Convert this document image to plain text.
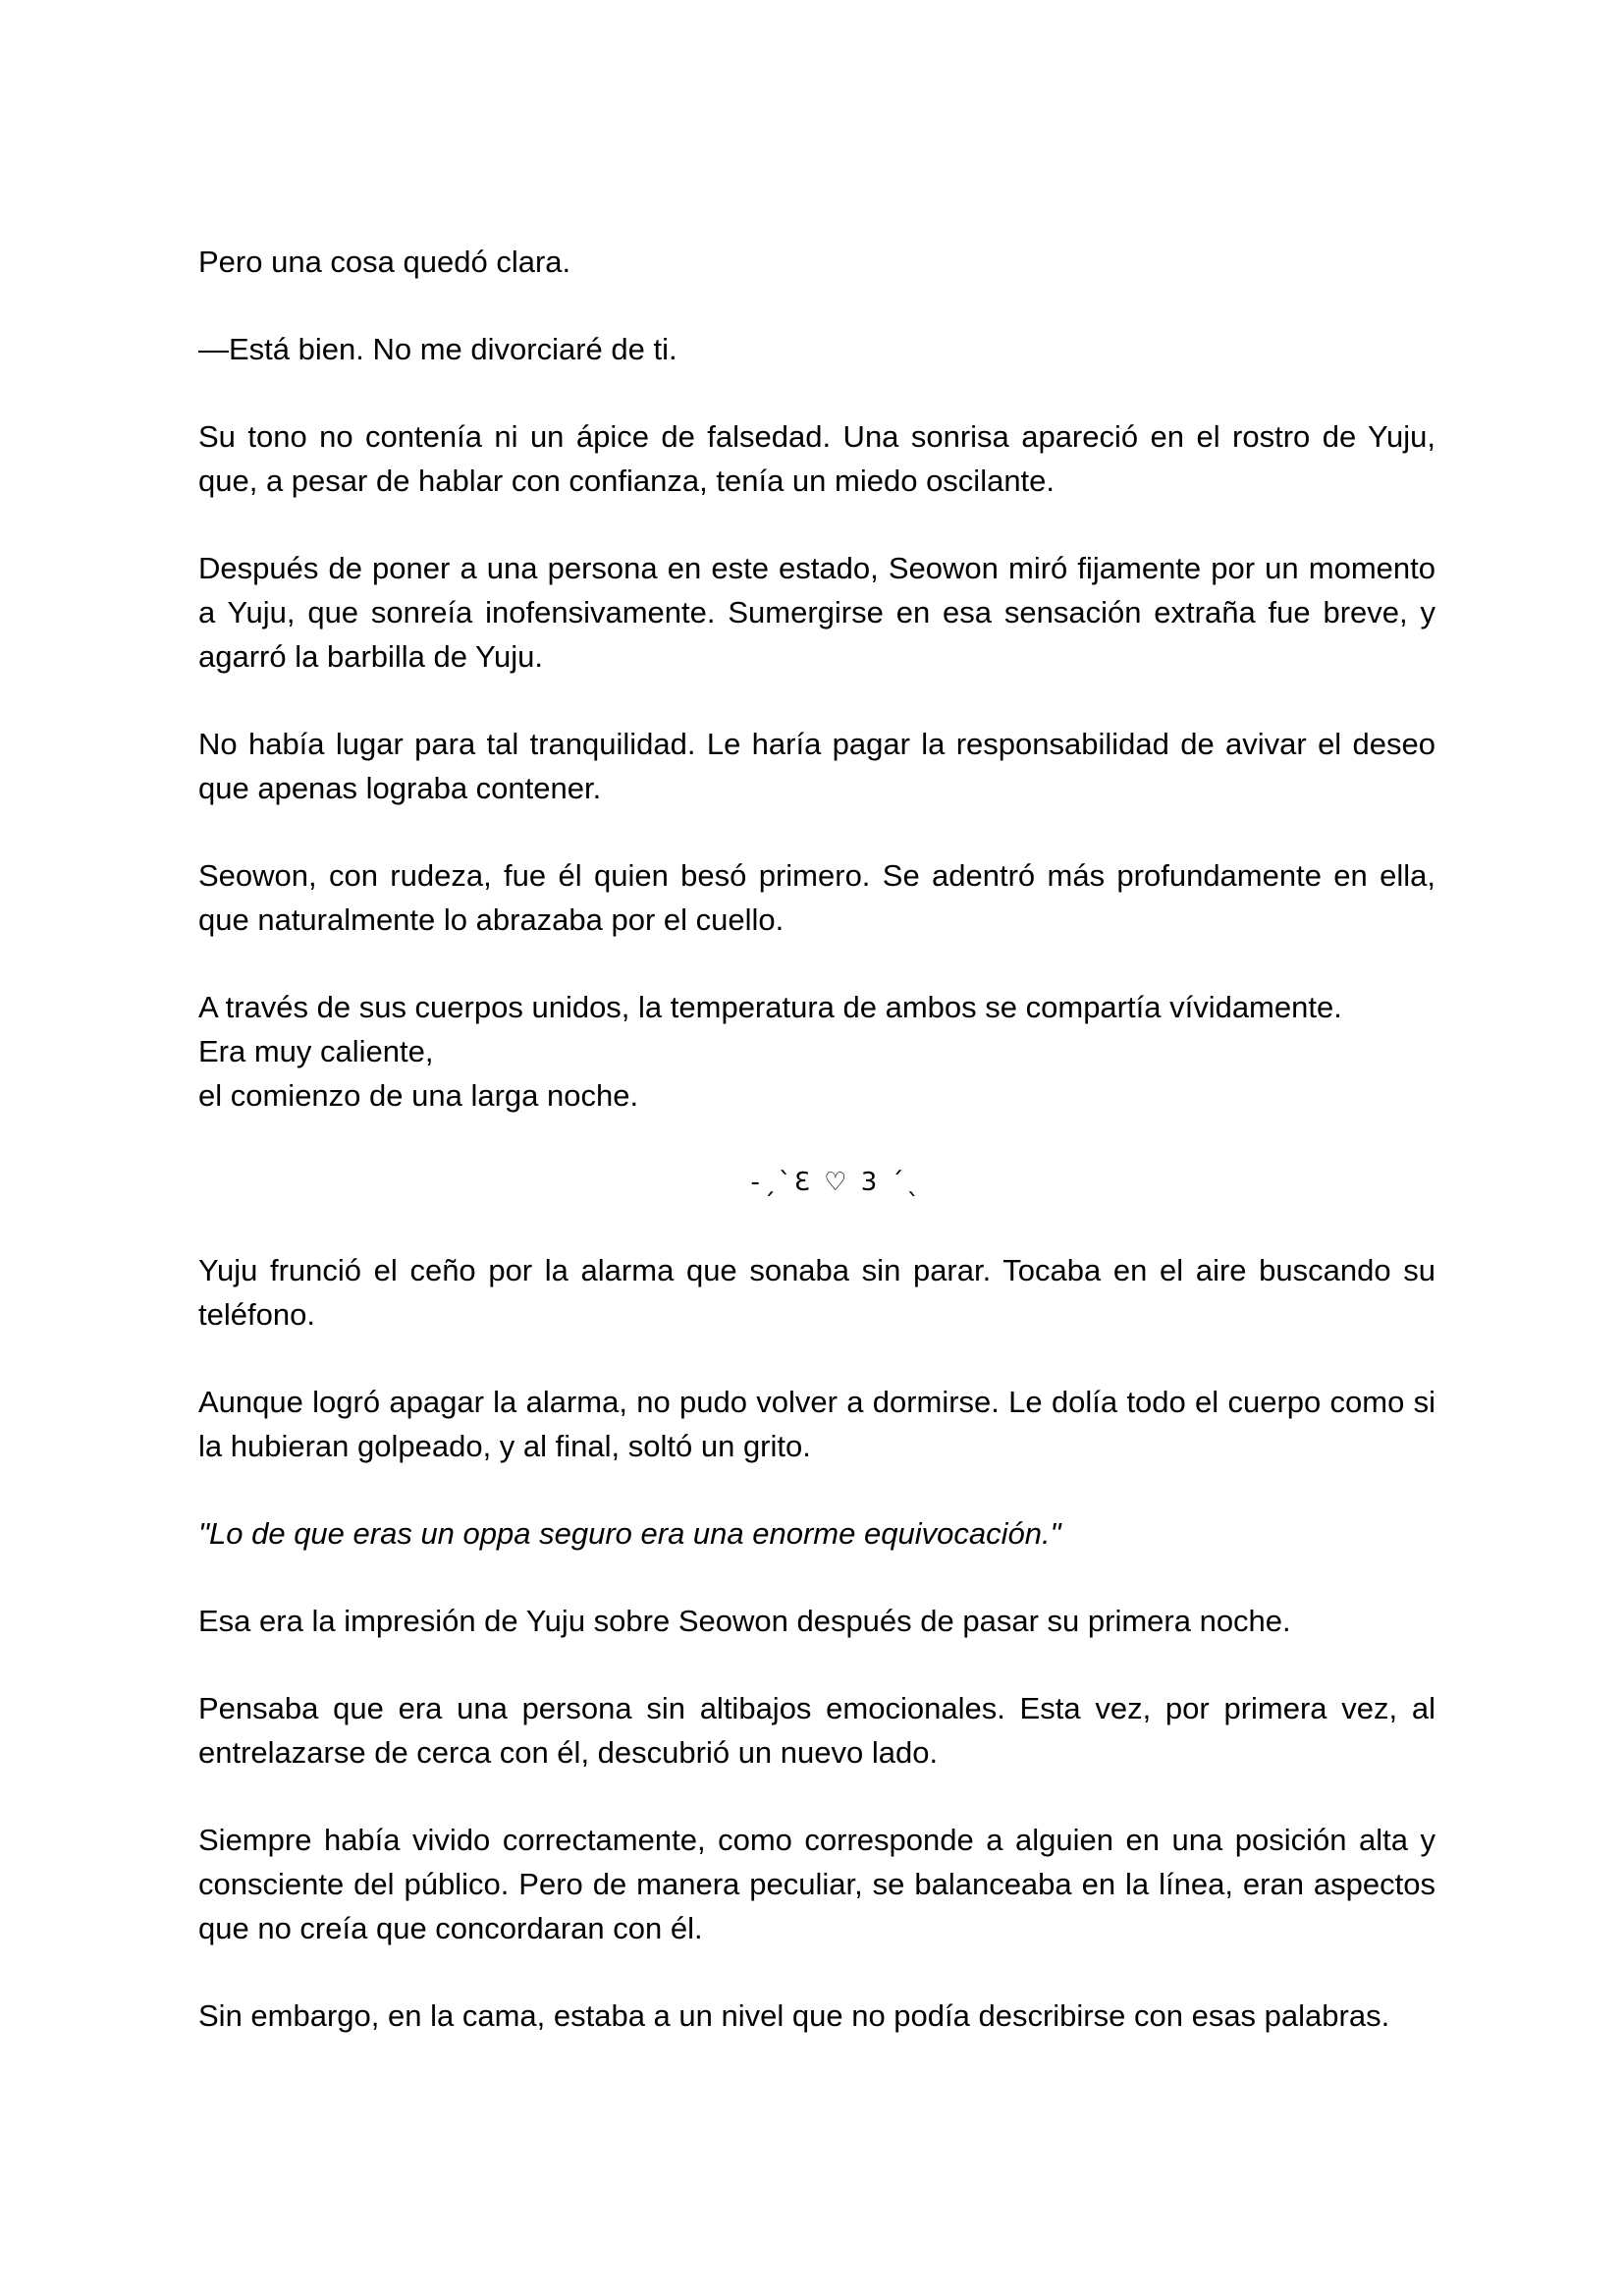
Pero una cosa quedó clara.

—Está bien. No me divorciaré de ti.

Su tono no contenía ni un ápice de falsedad. Una sonrisa apareció en el rostro de Yuju, que, a pesar de hablar con confianza, tenía un miedo oscilante.

Después de poner a una persona en este estado, Seowon miró fijamente por un momento a Yuju, que sonreía inofensivamente. Sumergirse en esa sensación extraña fue breve, y agarró la barbilla de Yuju.

No había lugar para tal tranquilidad. Le haría pagar la responsabilidad de avivar el deseo que apenas lograba contener.

Seowon, con rudeza, fue él quien besó primero. Se adentró más profundamente en ella, que naturalmente lo abrazaba por el cuello.

A través de sus cuerpos unidos, la temperatura de ambos se compartía vívidamente.
Era muy caliente,
el comienzo de una larga noche.

-ˏˋƐ ♡ 3 ˊˎ

Yuju frunció el ceño por la alarma que sonaba sin parar. Tocaba en el aire buscando su teléfono.

Aunque logró apagar la alarma, no pudo volver a dormirse. Le dolía todo el cuerpo como si la hubieran golpeado, y al final, soltó un grito.

"Lo de que eras un oppa seguro era una enorme equivocación."

Esa era la impresión de Yuju sobre Seowon después de pasar su primera noche.

Pensaba que era una persona sin altibajos emocionales. Esta vez, por primera vez, al entrelazarse de cerca con él, descubrió un nuevo lado.

Siempre había vivido correctamente, como corresponde a alguien en una posición alta y consciente del público. Pero de manera peculiar, se balanceaba en la línea, eran aspectos que no creía que concordaran con él.

Sin embargo, en la cama, estaba a un nivel que no podía describirse con esas palabras.
